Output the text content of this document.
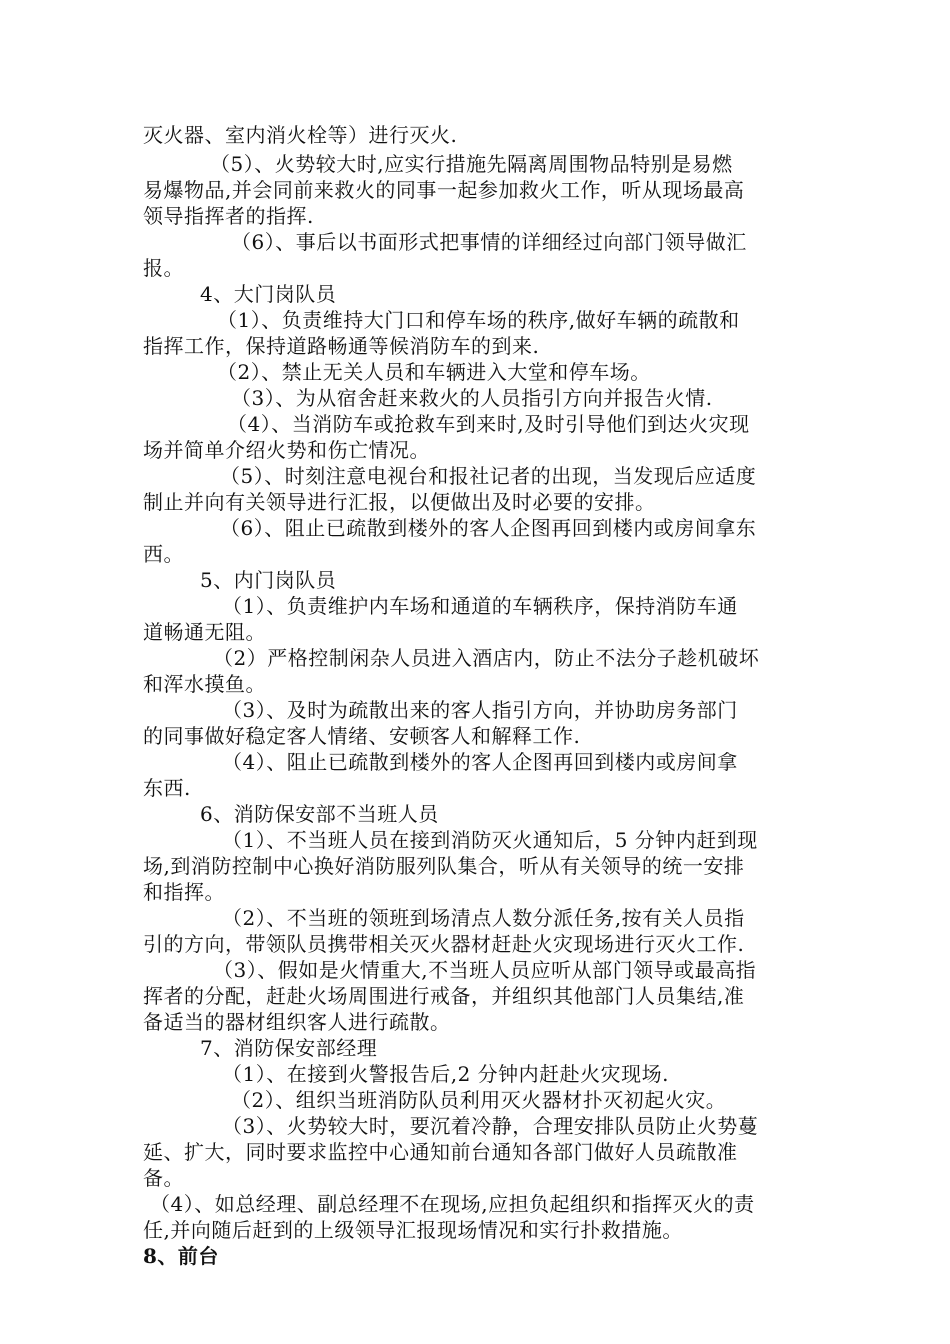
灭火器、室内消火栓等）进行灭火.
（5）、火势较大时,应实行措施先隔离周围物品特别是易燃
易爆物品,并会同前来救火的同事一起参加救火工作，听从现场最高
领导指挥者的指挥.
（6）、事后以书面形式把事情的详细经过向部门领导做汇
报。
4、大门岗队员
（1）、负责维持大门口和停车场的秩序,做好车辆的疏散和
指挥工作，保持道路畅通等候消防车的到来.
（2）、禁止无关人员和车辆进入大堂和停车场。
（3）、为从宿舍赶来救火的人员指引方向并报告火情.
（4）、当消防车或抢救车到来时,及时引导他们到达火灾现
场并简单介绍火势和伤亡情况。
（5）、时刻注意电视台和报社记者的出现，当发现后应适度
制止并向有关领导进行汇报，以便做出及时必要的安排。
（6）、阻止已疏散到楼外的客人企图再回到楼内或房间拿东
西。
5、内门岗队员
（1）、负责维护内车场和通道的车辆秩序，保持消防车通
道畅通无阻。
（2）严格控制闲杂人员进入酒店内，防止不法分子趁机破坏
和浑水摸鱼。
（3）、及时为疏散出来的客人指引方向，并协助房务部门
的同事做好稳定客人情绪、安顿客人和解释工作.
（4）、阻止已疏散到楼外的客人企图再回到楼内或房间拿
东西.
6、消防保安部不当班人员
（1）、不当班人员在接到消防灭火通知后，5 分钟内赶到现
场,到消防控制中心换好消防服列队集合，听从有关领导的统一安排
和指挥。
（2）、不当班的领班到场清点人数分派任务,按有关人员指
引的方向，带领队员携带相关灭火器材赶赴火灾现场进行灭火工作.
（3）、假如是火情重大,不当班人员应听从部门领导或最高指
挥者的分配，赶赴火场周围进行戒备，并组织其他部门人员集结,准
备适当的器材组织客人进行疏散。
7、消防保安部经理
（1）、在接到火警报告后,2 分钟内赶赴火灾现场.
（2）、组织当班消防队员利用灭火器材扑灭初起火灾。
（3）、火势较大时，要沉着冷静，合理安排队员防止火势蔓
延、扩大，同时要求监控中心通知前台通知各部门做好人员疏散准
备。
（4）、如总经理、副总经理不在现场,应担负起组织和指挥灭火的责
任,并向随后赶到的上级领导汇报现场情况和实行扑救措施。
8、前台
